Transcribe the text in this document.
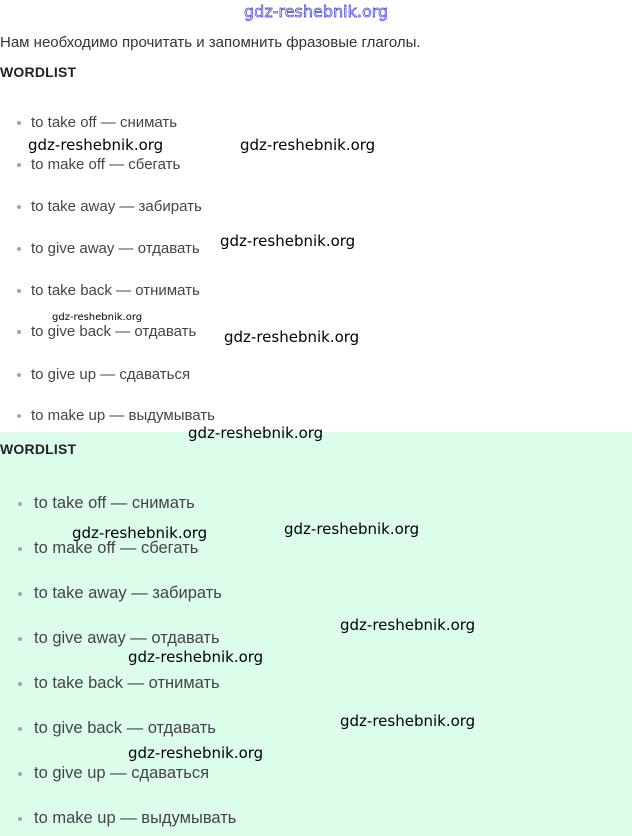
gdz-reshebnik.org
Нам необходимо прочитать и запомнить фразовые глаголы.
WORDLIST
to take off — снимать
to make off — сбегать
to take away — забирать
to give away — отдавать
to take back — отнимать
to give back — отдавать
to give up — сдаваться
to make up — выдумывать
WORDLIST
to take off — снимать
to make off — сбегать
to take away — забирать
to give away — отдавать
to take back — отнимать
to give back — отдавать
to give up — сдаваться
to make up — выдумывать
gdz-reshebnik.org	gdz-reshebnik.org
gdz-reshebnik.org
gdz-reshebnik.org
gdz-reshebnik.org
gdz-reshebnik.org
gdz-reshebnik.org
gdz-reshebnik.org
gdz-reshebnik.org
gdz-reshebnik.org
gdz-reshebnik.org
gdz-reshebnik.org
